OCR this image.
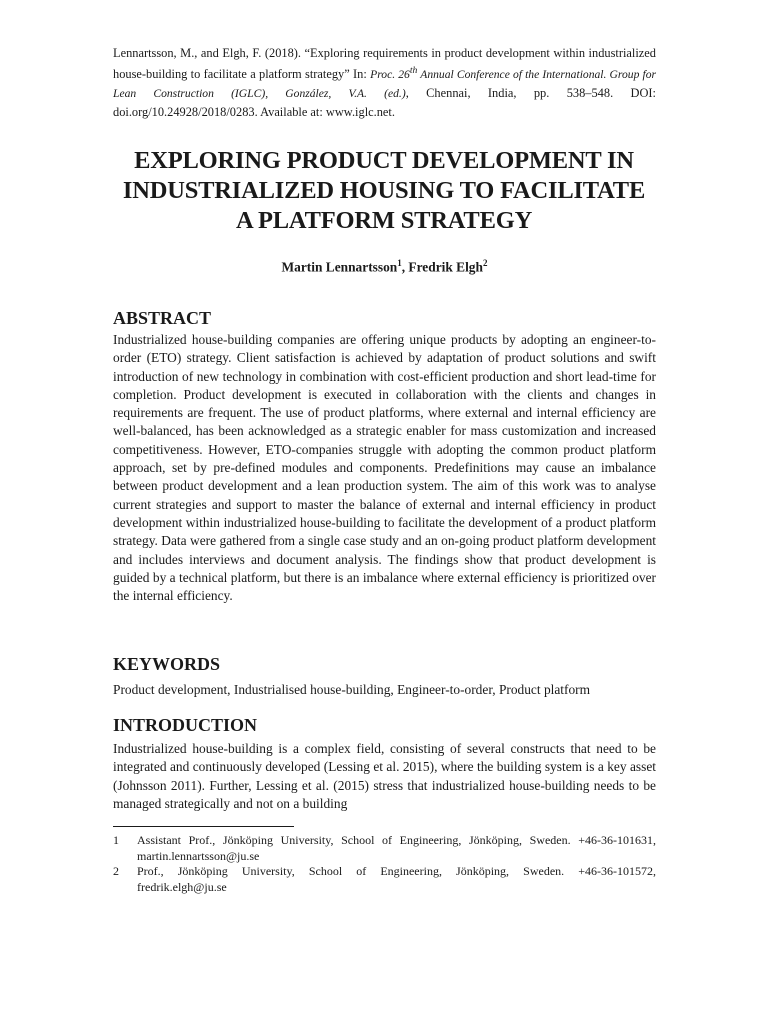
Lennartsson, M., and Elgh, F. (2018). “Exploring requirements in product development within industrialized house-building to facilitate a platform strategy” In: Proc. 26th Annual Conference of the International. Group for Lean Construction (IGLC), González, V.A. (ed.), Chennai, India, pp. 538–548. DOI: doi.org/10.24928/2018/0283. Available at: www.iglc.net.
EXPLORING PRODUCT DEVELOPMENT IN
INDUSTRIALIZED HOUSING TO FACILITATE
A PLATFORM STRATEGY
Martin Lennartsson$^1$, Fredrik Elgh$^2$
ABSTRACT
Industrialized house-building companies are offering unique products by adopting an engineer-to-order (ETO) strategy. Client satisfaction is achieved by adaptation of product solutions and swift introduction of new technology in combination with cost-efficient production and short lead-time for completion. Product development is executed in collaboration with the clients and changes in requirements are frequent. The use of product platforms, where external and internal efficiency are well-balanced, has been acknowledged as a strategic enabler for mass customization and increased competitiveness. However, ETO-companies struggle with adopting the common product platform approach, set by pre-defined modules and components. Predefinitions may cause an imbalance between product development and a lean production system. The aim of this work was to analyse current strategies and support to master the balance of external and internal efficiency in product development within industrialized house-building to facilitate the development of a product platform strategy. Data were gathered from a single case study and an on-going product platform development and includes interviews and document analysis. The findings show that product development is guided by a technical platform, but there is an imbalance where external efficiency is prioritized over the internal efficiency.
KEYWORDS
Product development, Industrialised house-building, Engineer-to-order, Product platform
INTRODUCTION
Industrialized house-building is a complex field, consisting of several constructs that need to be integrated and continuously developed (Lessing et al. 2015), where the building system is a key asset (Johnsson 2011). Further, Lessing et al. (2015) stress that industrialized house-building needs to be managed strategically and not on a building
1 Assistant Prof., Jönköping University, School of Engineering, Jönköping, Sweden. +46-36-101631, martin.lennartsson@ju.se
2 Prof., Jönköping University, School of Engineering, Jönköping, Sweden. +46-36-101572, fredrik.elgh@ju.se
